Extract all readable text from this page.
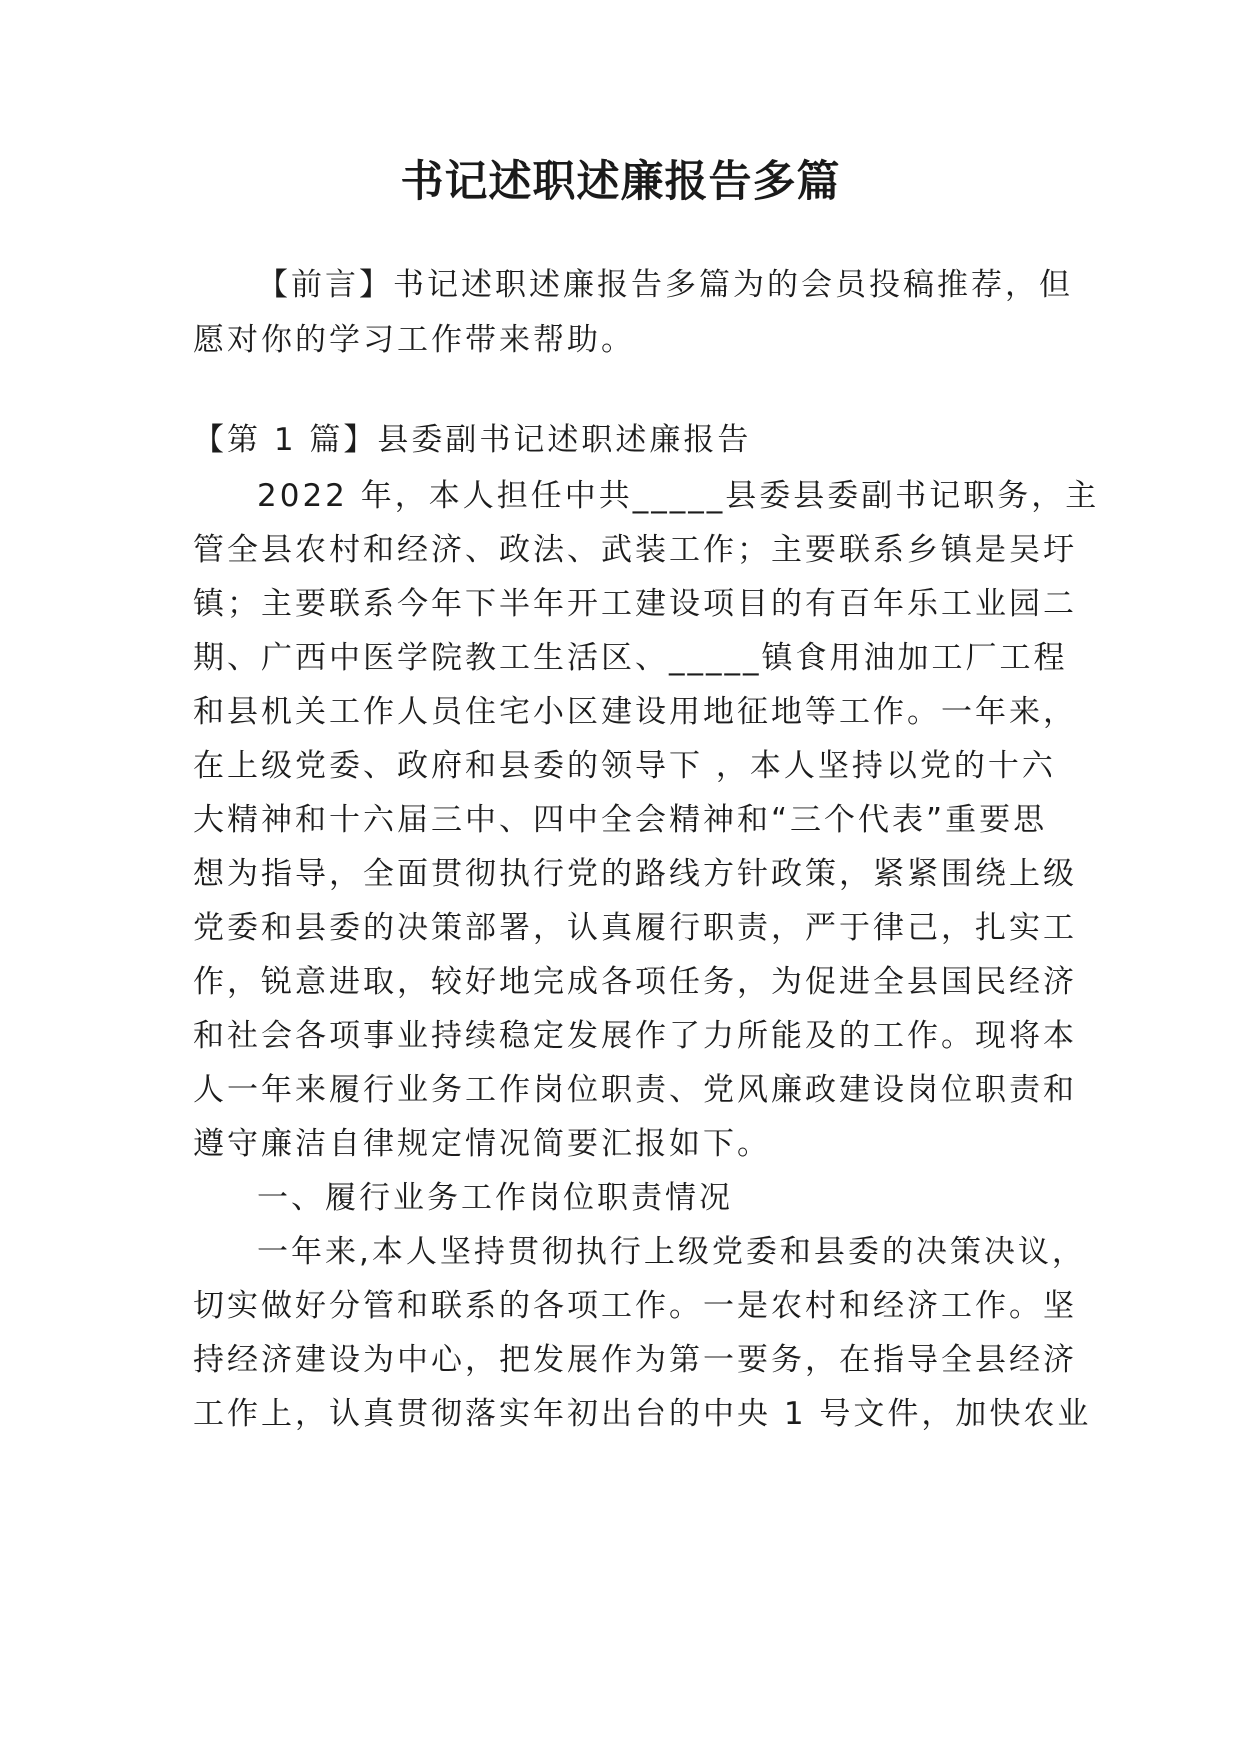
书记述职述廉报告多篇

【前言】书记述职述廉报告多篇为的会员投稿推荐，但

愿对你的学习工作带来帮助。

【第 1 篇】县委副书记述职述廉报告

2022 年，本人担任中共_____县委县委副书记职务，主

管全县农村和经济、政法、武装工作；主要联系乡镇是吴圩

镇；主要联系今年下半年开工建设项目的有百年乐工业园二

期、广西中医学院教工生活区、_____镇食用油加工厂工程

和县机关工作人员住宅小区建设用地征地等工作。一年来，

在上级党委、政府和县委的领导下 ，本人坚持以党的十六

大精神和十六届三中、四中全会精神和“三个代表”重要思

想为指导，全面贯彻执行党的路线方针政策，紧紧围绕上级

党委和县委的决策部署，认真履行职责，严于律己，扎实工

作，锐意进取，较好地完成各项任务，为促进全县国民经济

和社会各项事业持续稳定发展作了力所能及的工作。现将本

人一年来履行业务工作岗位职责、党风廉政建设岗位职责和

遵守廉洁自律规定情况简要汇报如下。

一、履行业务工作岗位职责情况

一年来,本人坚持贯彻执行上级党委和县委的决策决议，

切实做好分管和联系的各项工作。一是农村和经济工作。坚

持经济建设为中心，把发展作为第一要务，在指导全县经济

工作上，认真贯彻落实年初出台的中央 1 号文件，加快农业
